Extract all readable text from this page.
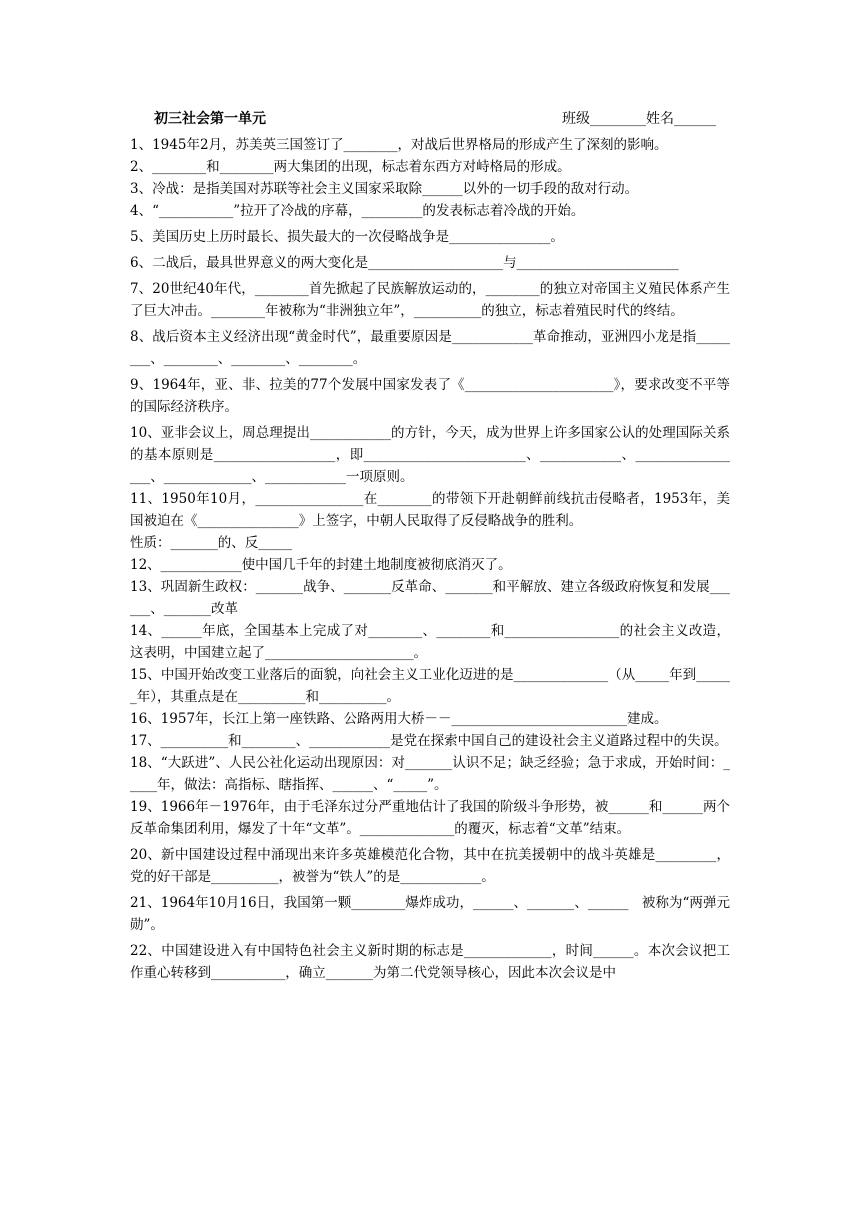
初三社会第一单元	班级________姓名______

1、1945年2月，苏美英三国签订了________，对战后世界格局的形成产生了深刻的影响。

2、________和________两大集团的出现，标志着东西方对峙格局的形成。

3、冷战：是指美国对苏联等社会主义国家采取除______以外的一切手段的敌对行动。

4、“___________”拉开了冷战的序幕，_________的发表标志着冷战的开始。

5、美国历史上历时最长、损失最大的一次侵略战争是_______________。

6、二战后，最具世界意义的两大变化是____________________与________________________

7、20世纪40年代，________首先掀起了民族解放运动的，________的独立对帝国主义殖民体系产生了巨大冲击。________年被称为“非洲独立年”，__________的独立，标志着殖民时代的终结。

8、战后资本主义经济出现“黄金时代”，最重要原因是____________革命推动，亚洲四小龙是指________、________、________、________。

9、1964年，亚、非、拉美的77个发展中国家发表了《______________________》，要求改变不平等的国际经济秩序。

10、亚非会议上，周总理提出____________的方针，今天，成为世界上许多国家公认的处理国际关系的基本原则是__________________，即________________________、____________、_________________、_____________、____________一项原则。

11、1950年10月，________________在________的带领下开赴朝鲜前线抗击侵略者，1953年，美国被迫在《_______________》上签字，中朝人民取得了反侵略战争的胜利。

性质：_______的、反_____

12、____________使中国几千年的封建土地制度被彻底消灭了。

13、巩固新生政权：_______战争、_______反革命、_______和平解放、建立各级政府恢复和发展______、_______改革

14、______年底，全国基本上完成了对________、________和_________________的社会主义改造，这表明，中国建立起了______________________。

15、中国开始改变工业落后的面貌，向社会主义工业化迈进的是______________（从_____年到______年），其重点是在__________和__________。

16、1957年，长江上第一座铁路、公路两用大桥－－__________________________建成。

17、__________和________、____________是党在探索中国自己的建设社会主义道路过程中的失误。

18、“大跃进”、人民公社化运动出现原因：对_______认识不足；缺乏经验；急于求成，开始时间：_____年，做法：高指标、瞎指挥、______、“_____”。

19、1966年－1976年，由于毛泽东过分严重地估计了我国的阶级斗争形势，被______和______两个反革命集团利用，爆发了十年“文革”。______________的覆灭，标志着“文革”结束。

20、新中国建设过程中涌现出来许多英雄模范化合物，其中在抗美援朝中的战斗英雄是_________，党的好干部是__________，被誉为“铁人”的是____________。

21、1964年10月16日，我国第一颗________爆炸成功，______、_______、______　被称为“两弹元勋”。

22、中国建设进入有中国特色社会主义新时期的标志是_____________，时间______。本次会议把工作重心转移到___________，确立_______为第二代党领导核心，因此本次会议是中
